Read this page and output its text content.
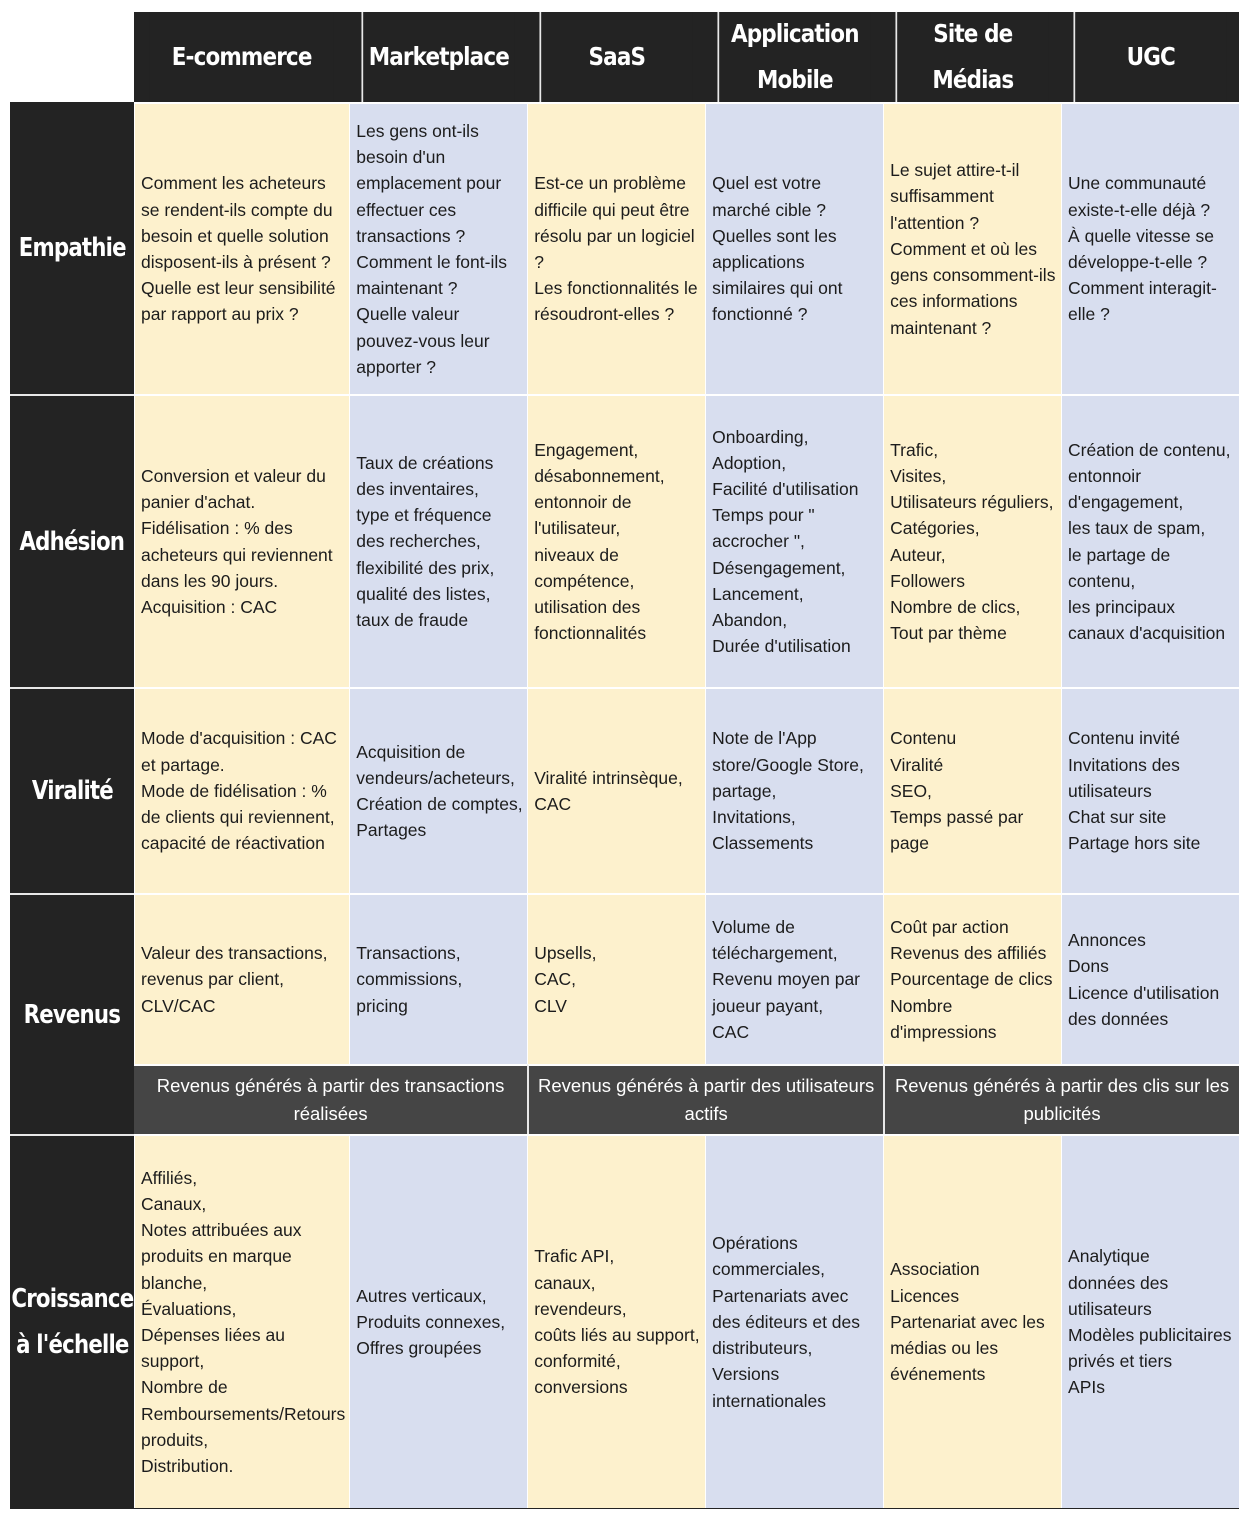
E-commerce	Marketplace	SaaS
Application
Mobile
Site de Médias
UGC
Empathie
Comment les acheteurs se rendent-ils compte du besoin et quelle solution disposent-ils à présent ?
Quelle est leur sensibilité par rapport au prix ?
Les gens ont-ils besoin d'un emplacement pour effectuer ces transactions ?
Comment le font-ils maintenant ?
Quelle valeur pouvez-vous leur apporter ?
Est-ce un problème difficile qui peut être résolu par un logiciel ?
Les fonctionnalités le résoudront-elles ?
Quel est votre marché cible ?
Quelles sont les applications similaires qui ont fonctionné ?
Le sujet attire-t-il suffisamment l'attention ?
Comment et où les gens consomment-ils ces informations maintenant ?
Une communauté existe-t-elle déjà ?
À quelle vitesse se développe-t-elle ?
Comment interagit-elle ?
Adhésion
Conversion et valeur du panier d'achat.
Fidélisation : % des acheteurs qui reviennent dans les 90 jours.
Acquisition : CAC
Taux de créations des inventaires,
type et fréquence des recherches,
flexibilité des prix,
qualité des listes,
taux de fraude
Engagement,
désabonnement,
entonnoir de l'utilisateur,
niveaux de compétence,
utilisation des fonctionnalités
Onboarding,
Adoption,
Facilité d'utilisation
Temps pour " accrocher ",
Désengagement,
Lancement,
Abandon,
Durée d'utilisation
Trafic,
Visites,
Utilisateurs réguliers,
Catégories,
Auteur,
Followers
Nombre de clics,
Tout par thème
Création de contenu,
entonnoir d'engagement,
les taux de spam,
le partage de contenu,
les principaux canaux d'acquisition
Viralité
Mode d'acquisition : CAC et partage.
Mode de fidélisation : % de clients qui reviennent, capacité de réactivation
Acquisition de vendeurs/acheteurs,
Création de comptes,
Partages
Viralité intrinsèque,
CAC
Note de l'App store/Google Store, partage,
Invitations,
Classements
Contenu
Viralité
SEO,
Temps passé par page
Contenu invité
Invitations des utilisateurs
Chat sur site
Partage hors site
Revenus
Valeur des transactions,
revenus par client,
CLV/CAC
Transactions,
commissions,
pricing
Upsells,
CAC,
CLV
Volume de téléchargement,
Revenu moyen par joueur payant,
CAC
Coût par action
Revenus des affiliés
Pourcentage de clics
Nombre d'impressions
Annonces
Dons
Licence d'utilisation des données
Revenus générés à partir des transactions réalisées
Revenus générés à partir des utilisateurs actifs
Revenus générés à partir des clis sur les publicités
Croissance
à l'échelle
Affiliés,
Canaux,
Notes attribuées aux produits en marque blanche,
Évaluations,
Dépenses liées au support,
Nombre de Remboursements/Retours produits,
Distribution.
Autres verticaux,
Produits connexes,
Offres groupées
Trafic API,
canaux,
revendeurs,
coûts liés au support,
conformité,
conversions
Opérations commerciales,
Partenariats avec des éditeurs et des distributeurs,
Versions internationales
Association
Licences
Partenariat avec les médias ou les événements
Analytique
données des utilisateurs
Modèles publicitaires privés et tiers
APIs
